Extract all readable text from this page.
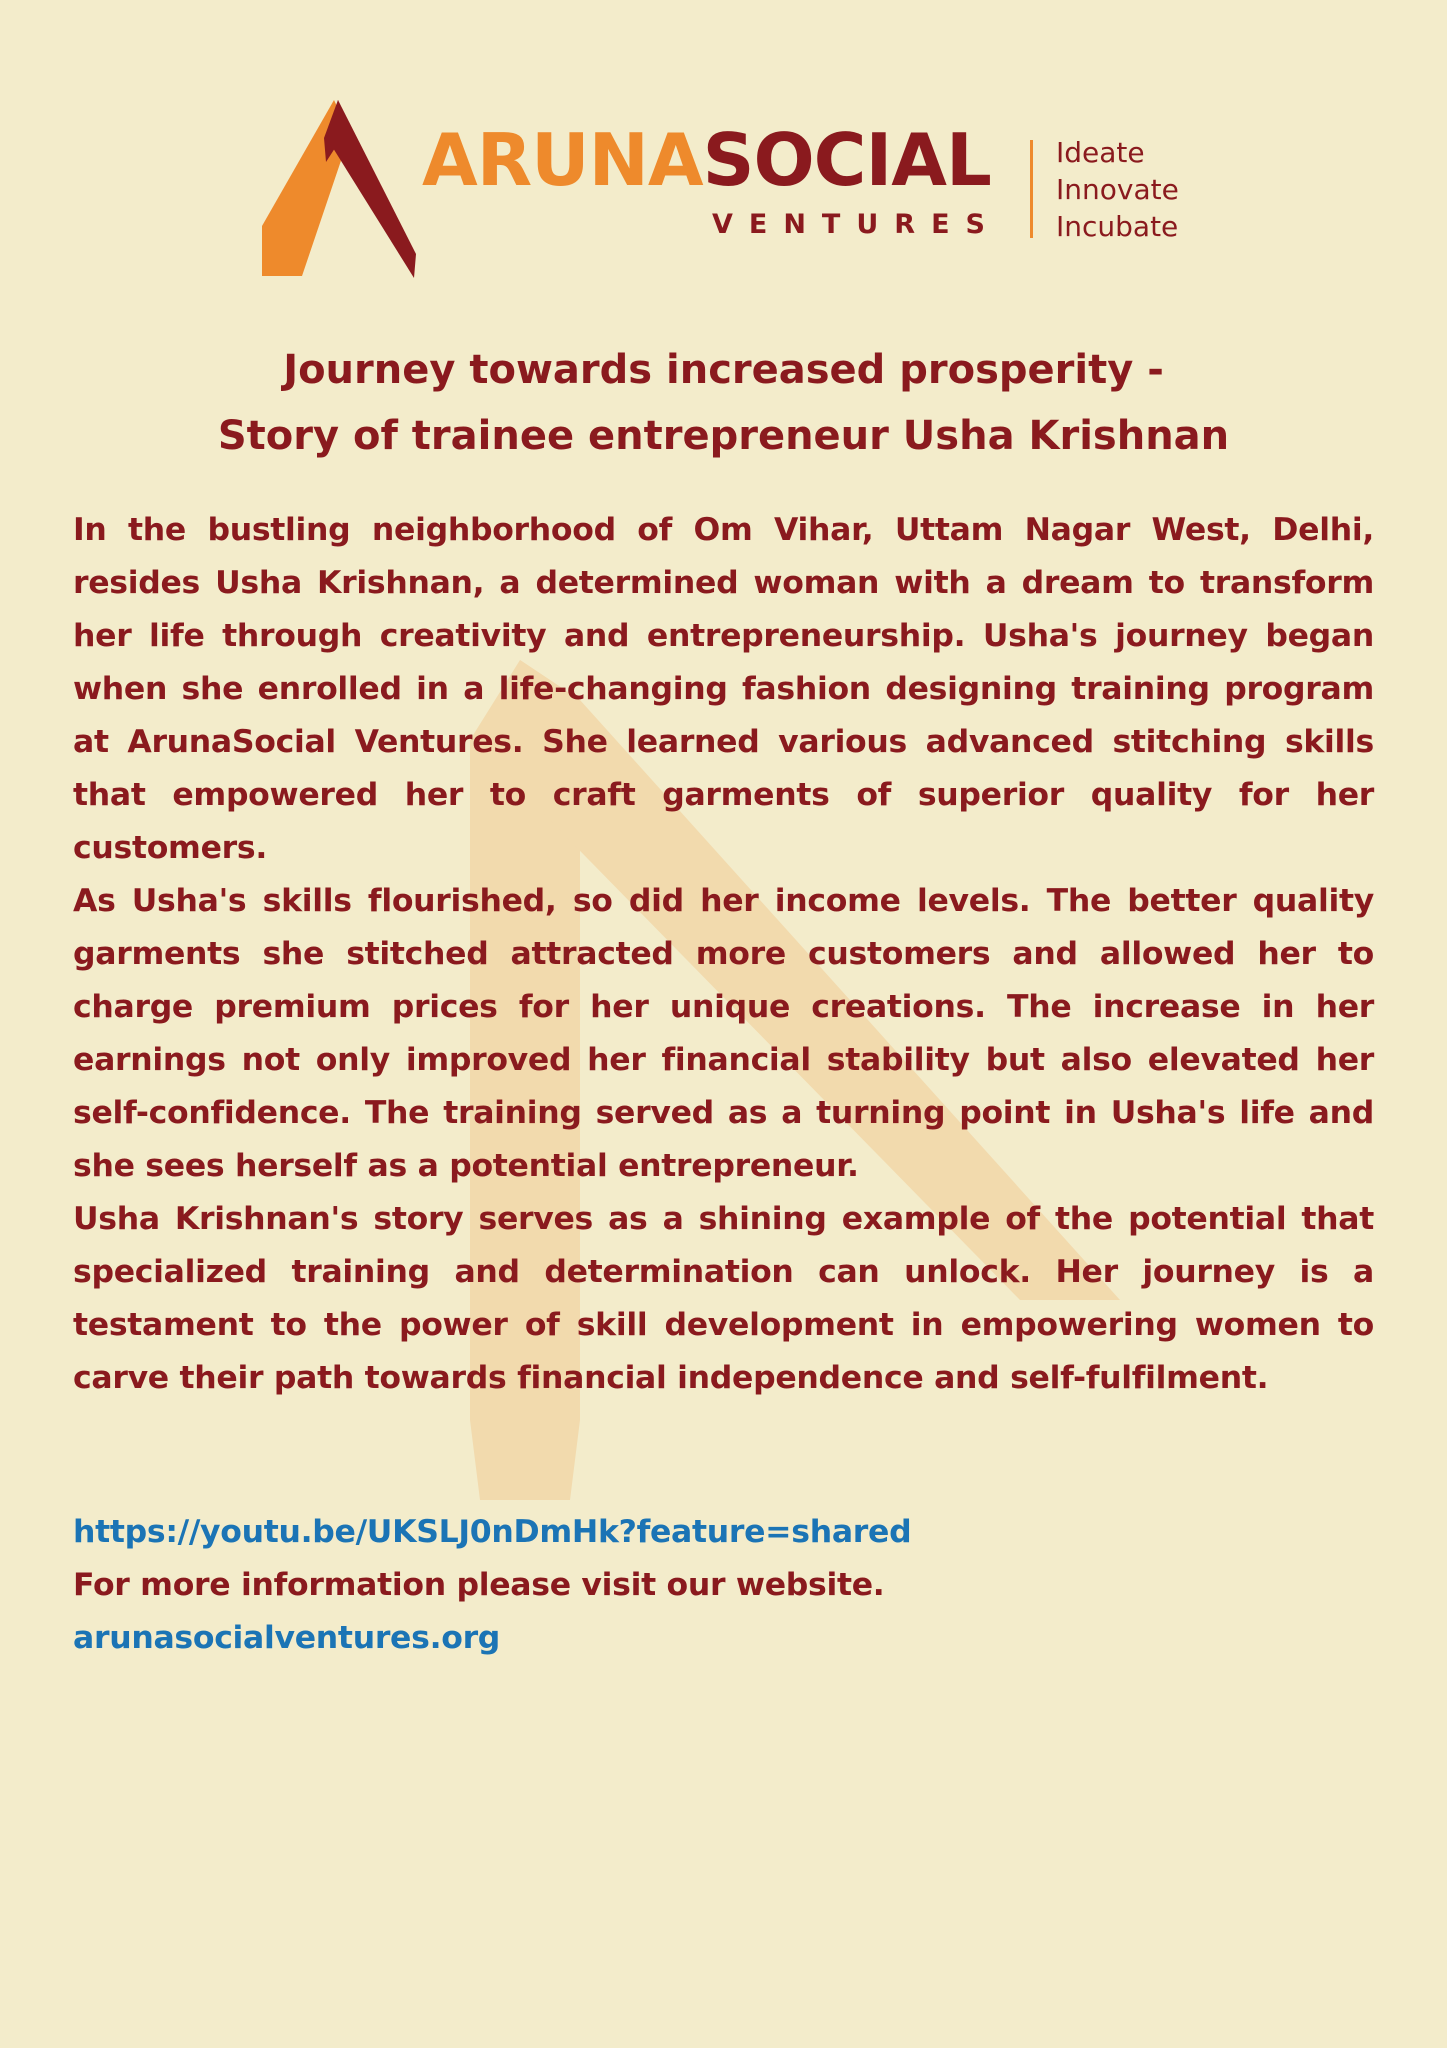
ARUNASOCIAL
VENTURES
Ideate
Innovate
Incubate
Journey towards increased prosperity -
Story of trainee entrepreneur Usha Krishnan

In the bustling neighborhood of Om Vihar, Uttam Nagar West, Delhi, resides Usha Krishnan, a determined woman with a dream to transform her life through creativity and entrepreneurship. Usha's journey began when she enrolled in a life-changing fashion designing training program at ArunaSocial Ventures. She learned various advanced stitching skills that empowered her to craft garments of superior quality for her customers.

As Usha's skills flourished, so did her income levels. The better quality garments she stitched attracted more customers and allowed her to charge premium prices for her unique creations. The increase in her earnings not only improved her financial stability but also elevated her self-confidence. The training served as a turning point in Usha's life and she sees herself as a potential entrepreneur.

Usha Krishnan's story serves as a shining example of the potential that specialized training and determination can unlock. Her journey is a testament to the power of skill development in empowering women to carve their path towards financial independence and self-fulfilment.

https://youtu.be/UKSLJ0nDmHk?feature=shared
For more information please visit our website.
arunasocialventures.org
